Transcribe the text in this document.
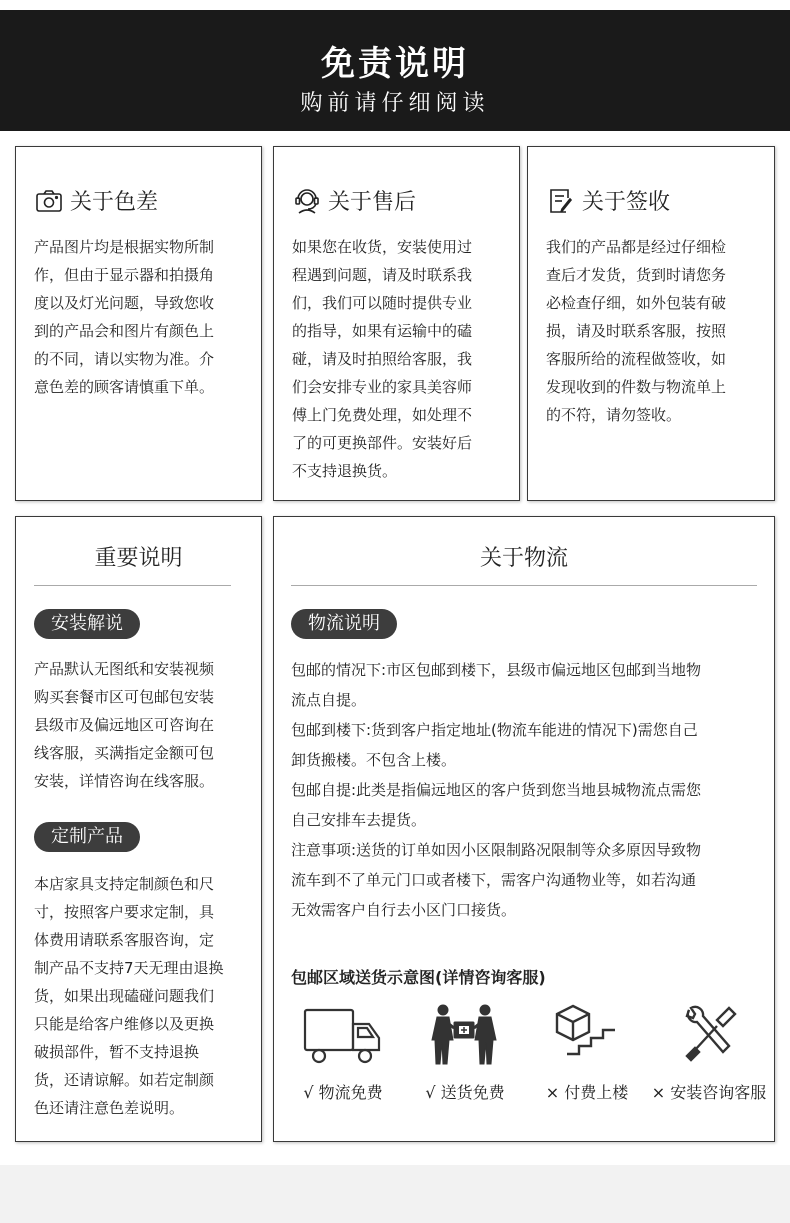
免责说明
购前请仔细阅读
关于色差
产品图片均是根据实物所制
作，但由于显示器和拍摄角
度以及灯光问题，导致您收
到的产品会和图片有颜色上
的不同，请以实物为准。介
意色差的顾客请慎重下单。
关于售后
如果您在收货，安装使用过
程遇到问题，请及时联系我
们，我们可以随时提供专业
的指导，如果有运输中的磕
碰，请及时拍照给客服，我
们会安排专业的家具美容师
傅上门免费处理，如处理不
了的可更换部件。安装好后
不支持退换货。
关于签收
我们的产品都是经过仔细检
查后才发货，货到时请您务
必检查仔细，如外包装有破
损，请及时联系客服，按照
客服所给的流程做签收，如
发现收到的件数与物流单上
的不符，请勿签收。
重要说明
安装解说
产品默认无图纸和安装视频
购买套餐市区可包邮包安装
县级市及偏远地区可咨询在
线客服，买满指定金额可包
安装，详情咨询在线客服。
定制产品
本店家具支持定制颜色和尺
寸，按照客户要求定制，具
体费用请联系客服咨询，定
制产品不支持7天无理由退换
货，如果出现磕碰问题我们
只能是给客户维修以及更换
破损部件，暂不支持退换
货，还请谅解。如若定制颜
色还请注意色差说明。
关于物流
物流说明
包邮的情况下:市区包邮到楼下，县级市偏远地区包邮到当地物
流点自提。
包邮到楼下:货到客户指定地址(物流车能进的情况下)需您自己
卸货搬楼。不包含上楼。
包邮自提:此类是指偏远地区的客户货到您当地县城物流点需您
自己安排车去提货。
注意事项:送货的订单如因小区限制路况限制等众多原因导致物
流车到不了单元门口或者楼下，需客户沟通物业等，如若沟通
无效需客户自行去小区门口接货。
包邮区域送货示意图(详情咨询客服)
√ 物流免费	√ 送货免费	× 付费上楼	× 安装咨询客服
